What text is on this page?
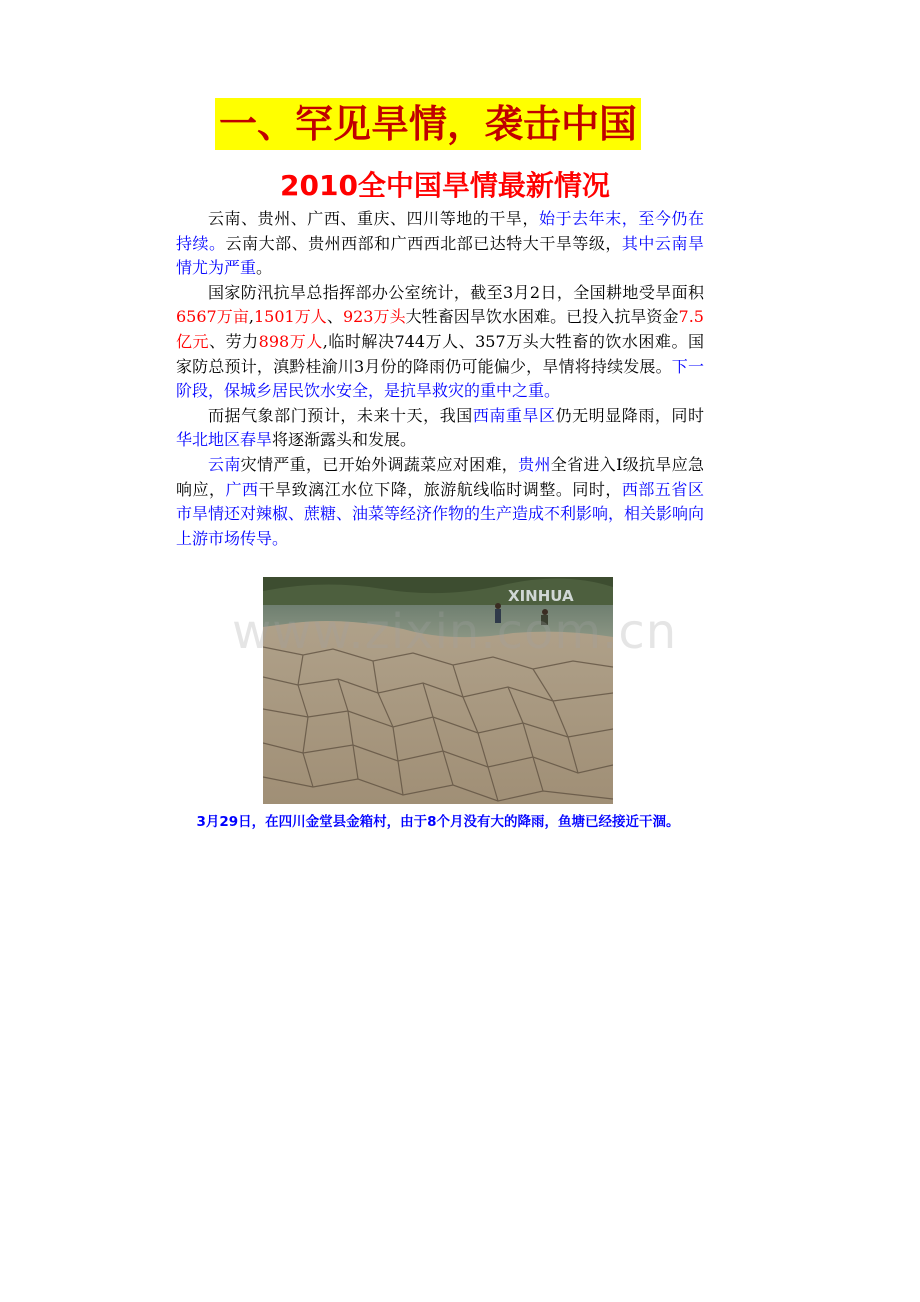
一、罕见旱情，袭击中国
2010全中国旱情最新情况

云南、贵州、广西、重庆、四川等地的干旱，始于去年末，至今仍在持续。云南大部、贵州西部和广西西北部已达特大干旱等级，其中云南旱情尤为严重。

国家防汛抗旱总指挥部办公室统计，截至3月2日，全国耕地受旱面积6567万亩,1501万人、923万头大牲畜因旱饮水困难。已投入抗旱资金7.5亿元、劳力898万人,临时解决744万人、357万头大牲畜的饮水困难。国家防总预计，滇黔桂渝川3月份的降雨仍可能偏少，旱情将持续发展。下一阶段，保城乡居民饮水安全，是抗旱救灾的重中之重。

而据气象部门预计，未来十天，我国西南重旱区仍无明显降雨，同时华北地区春旱将逐渐露头和发展。

云南灾情严重，已开始外调蔬菜应对困难，贵州全省进入I级抗旱应急响应，广西干旱致漓江水位下降，旅游航线临时调整。同时，西部五省区市旱情还对辣椒、蔗糖、油菜等经济作物的生产造成不利影响，相关影响向上游市场传导。

XINHUA
www.zixin.com.cn
3月29日，在四川金堂县金箱村，由于8个月没有大的降雨，鱼塘已经接近干涸。
